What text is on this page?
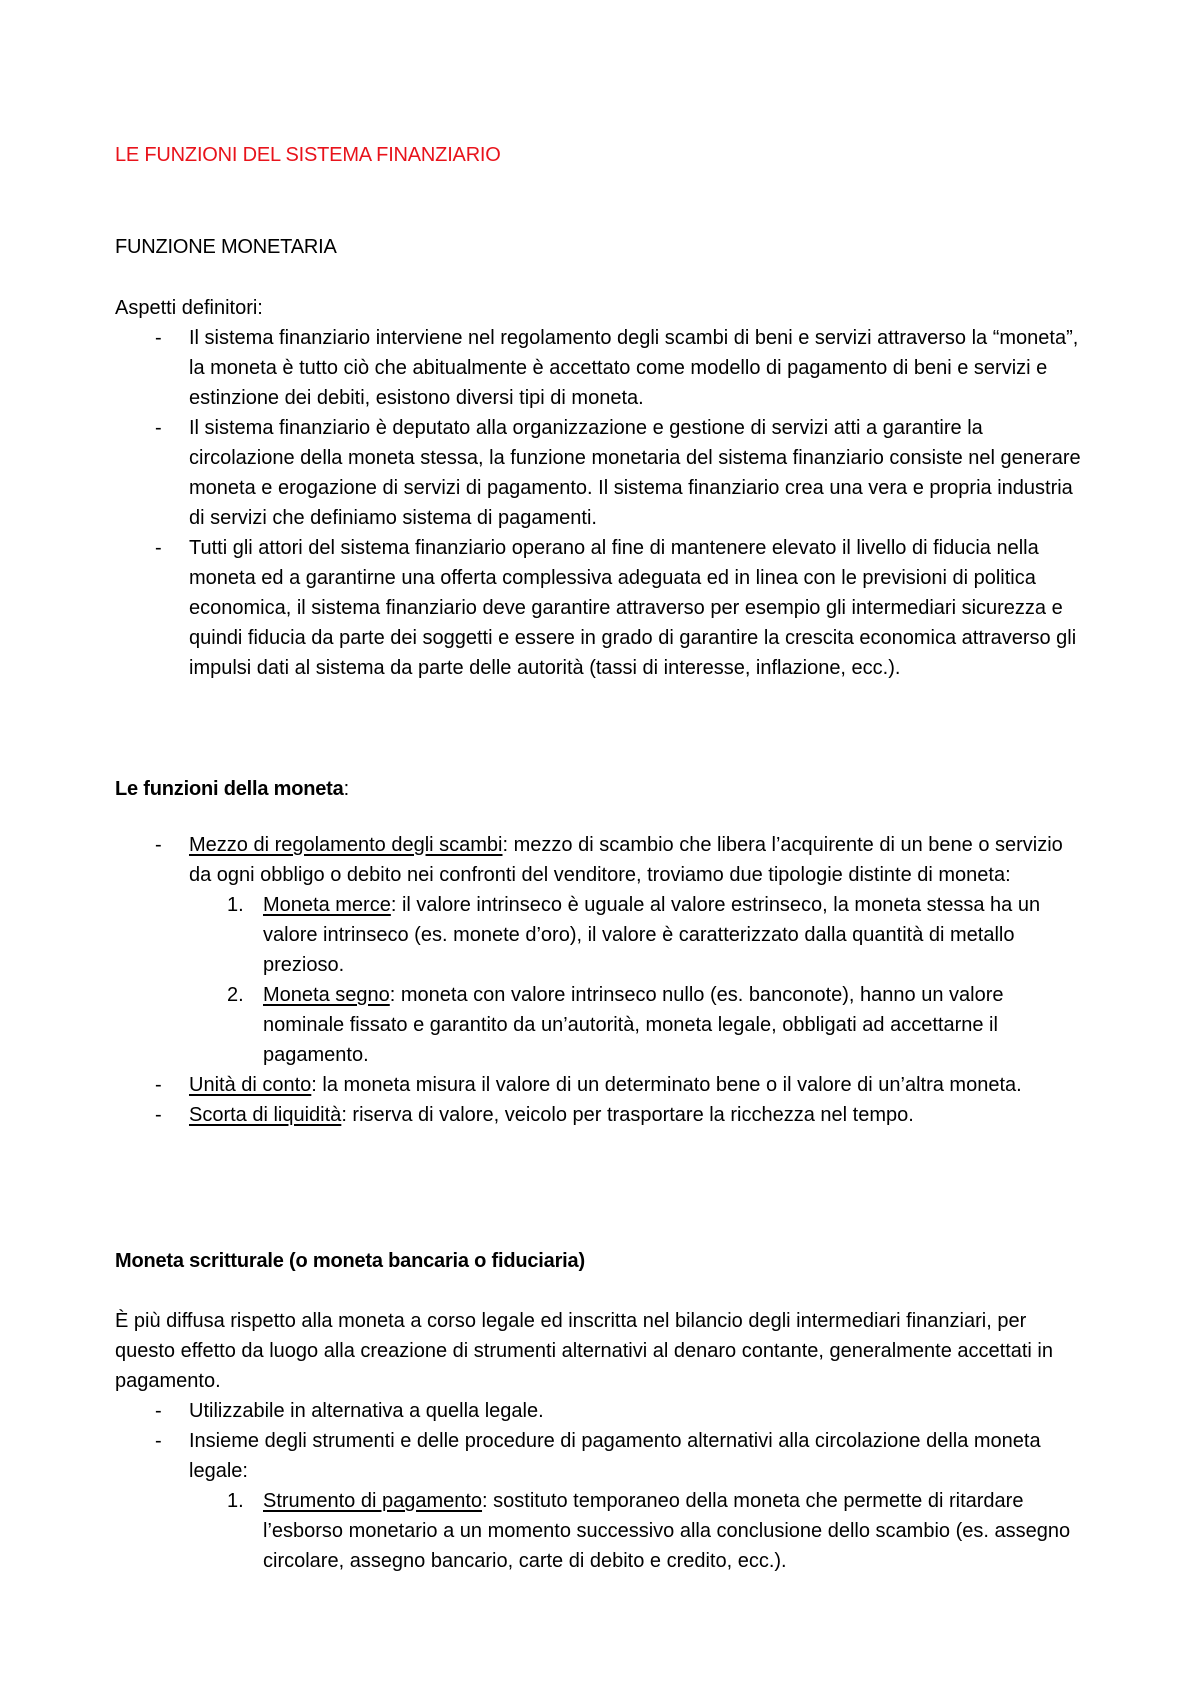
LE FUNZIONI DEL SISTEMA FINANZIARIO
FUNZIONE MONETARIA

Aspetti definitori:

- Il sistema finanziario interviene nel regolamento degli scambi di beni e servizi attraverso la “moneta”, la moneta è tutto ciò che abitualmente è accettato come modello di pagamento di beni e servizi e estinzione dei debiti, esistono diversi tipi di moneta.
- Il sistema finanziario è deputato alla organizzazione e gestione di servizi atti a garantire la circolazione della moneta stessa, la funzione monetaria del sistema finanziario consiste nel generare moneta e erogazione di servizi di pagamento. Il sistema finanziario crea una vera e propria industria di servizi che definiamo sistema di pagamenti.
- Tutti gli attori del sistema finanziario operano al fine di mantenere elevato il livello di fiducia nella moneta ed a garantirne una offerta complessiva adeguata ed in linea con le previsioni di politica economica, il sistema finanziario deve garantire attraverso per esempio gli intermediari sicurezza e quindi fiducia da parte dei soggetti e essere in grado di garantire la crescita economica attraverso gli impulsi dati al sistema da parte delle autorità (tassi di interesse, inflazione, ecc.).
Le funzioni della moneta:
- Mezzo di regolamento degli scambi: mezzo di scambio che libera l’acquirente di un bene o servizio da ogni obbligo o debito nei confronti del venditore, troviamo due tipologie distinte di moneta:
1. Moneta merce: il valore intrinseco è uguale al valore estrinseco, la moneta stessa ha un valore intrinseco (es. monete d’oro), il valore è caratterizzato dalla quantità di metallo prezioso.
2. Moneta segno: moneta con valore intrinseco nullo (es. banconote), hanno un valore nominale fissato e garantito da un’autorità, moneta legale, obbligati ad accettarne il pagamento.
- Unità di conto: la moneta misura il valore di un determinato bene o il valore di un’altra moneta.
- Scorta di liquidità: riserva di valore, veicolo per trasportare la ricchezza nel tempo.
Moneta scritturale (o moneta bancaria o fiduciaria)

È più diffusa rispetto alla moneta a corso legale ed inscritta nel bilancio degli intermediari finanziari, per questo effetto da luogo alla creazione di strumenti alternativi al denaro contante, generalmente accettati in pagamento.

- Utilizzabile in alternativa a quella legale.
- Insieme degli strumenti e delle procedure di pagamento alternativi alla circolazione della moneta legale:
1. Strumento di pagamento: sostituto temporaneo della moneta che permette di ritardare l’esborso monetario a un momento successivo alla conclusione dello scambio (es. assegno circolare, assegno bancario, carte di debito e credito, ecc.).
